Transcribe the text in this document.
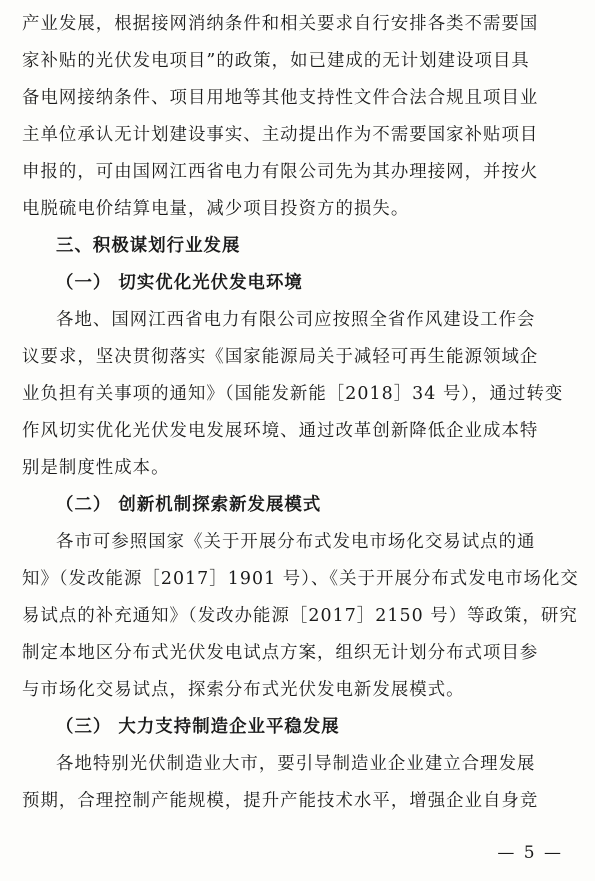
产业发展，根据接网消纳条件和相关要求自行安排各类不需要国
家补贴的光伏发电项目”的政策，如已建成的无计划建设项目具
备电网接纳条件、项目用地等其他支持性文件合法合规且项目业
主单位承认无计划建设事实、主动提出作为不需要国家补贴项目
申报的，可由国网江西省电力有限公司先为其办理接网，并按火
电脱硫电价结算电量，减少项目投资方的损失。
三、积极谋划行业发展
（一） 切实优化光伏发电环境
各地、国网江西省电力有限公司应按照全省作风建设工作会
议要求，坚决贯彻落实《国家能源局关于减轻可再生能源领域企
业负担有关事项的通知》（国能发新能［2018］34 号），通过转变
作风切实优化光伏发电发展环境、通过改革创新降低企业成本特
别是制度性成本。
（二） 创新机制探索新发展模式
各市可参照国家《关于开展分布式发电市场化交易试点的通
知》（发改能源［2017］1901 号）、《关于开展分布式发电市场化交
易试点的补充通知》（发改办能源［2017］2150 号）等政策，研究
制定本地区分布式光伏发电试点方案，组织无计划分布式项目参
与市场化交易试点，探索分布式光伏发电新发展模式。
（三） 大力支持制造企业平稳发展
各地特别光伏制造业大市，要引导制造业企业建立合理发展
预期，合理控制产能规模，提升产能技术水平，增强企业自身竞
— 5 —
